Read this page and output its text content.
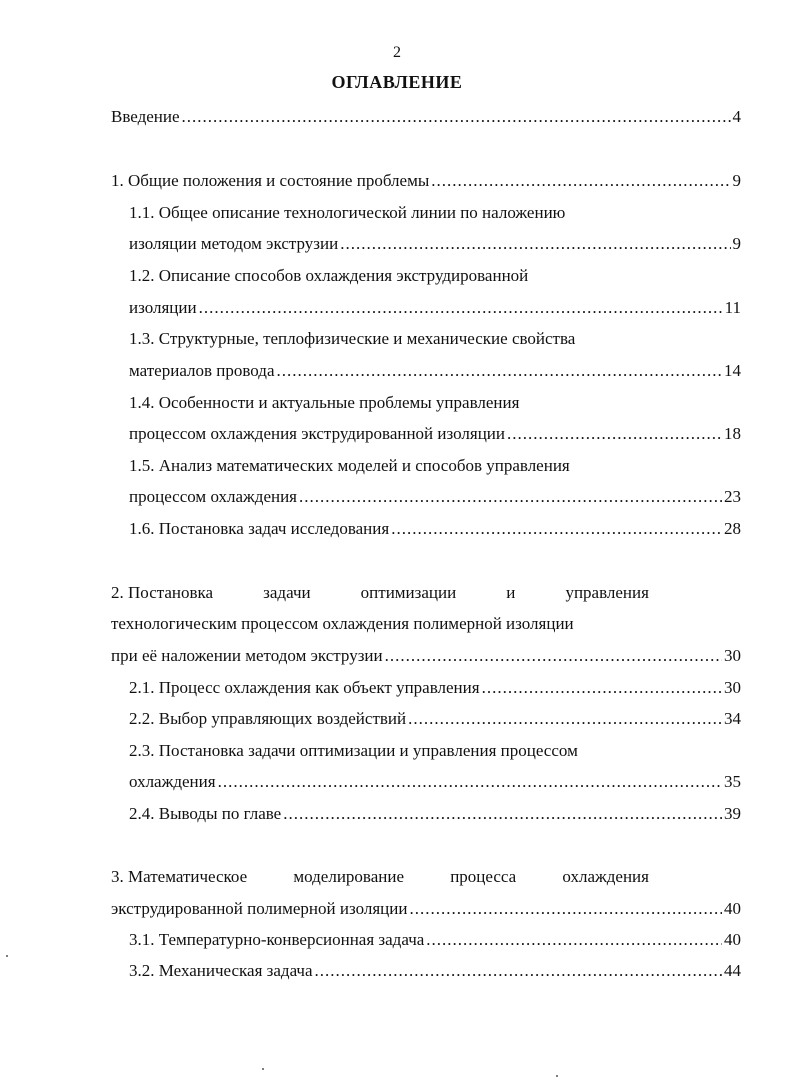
2
ОГЛАВЛЕНИЕ
Введение .....	4
1. Общие положения и состояние проблемы .....	9
1.1. Общее описание технологической линии по наложению
изоляции методом экструзии .....	9
1.2. Описание способов охлаждения экструдированной
изоляции .....	11
1.3. Структурные, теплофизические и механические свойства
материалов провода .....	14
1.4. Особенности и актуальные проблемы управления
процессом охлаждения экструдированной изоляции .....	18
1.5. Анализ математических моделей и способов управления
процессом охлаждения .....	23
1.6. Постановка задач исследования .....	28
2. Постановка	задачи	оптимизации	и	управления
технологическим процессом охлаждения полимерной изоляции
при её наложении методом экструзии .....	30
2.1. Процесс охлаждения как объект управления .....	30
2.2. Выбор управляющих воздействий .....	34
2.3. Постановка задачи оптимизации и управления процессом
охлаждения .....	35
2.4. Выводы по главе .....	39
3. Математическое	моделирование	процесса	охлаждения
экструдированной полимерной изоляции .....	40
3.1. Температурно-конверсионная задача .....	40
3.2. Механическая задача .....	44
